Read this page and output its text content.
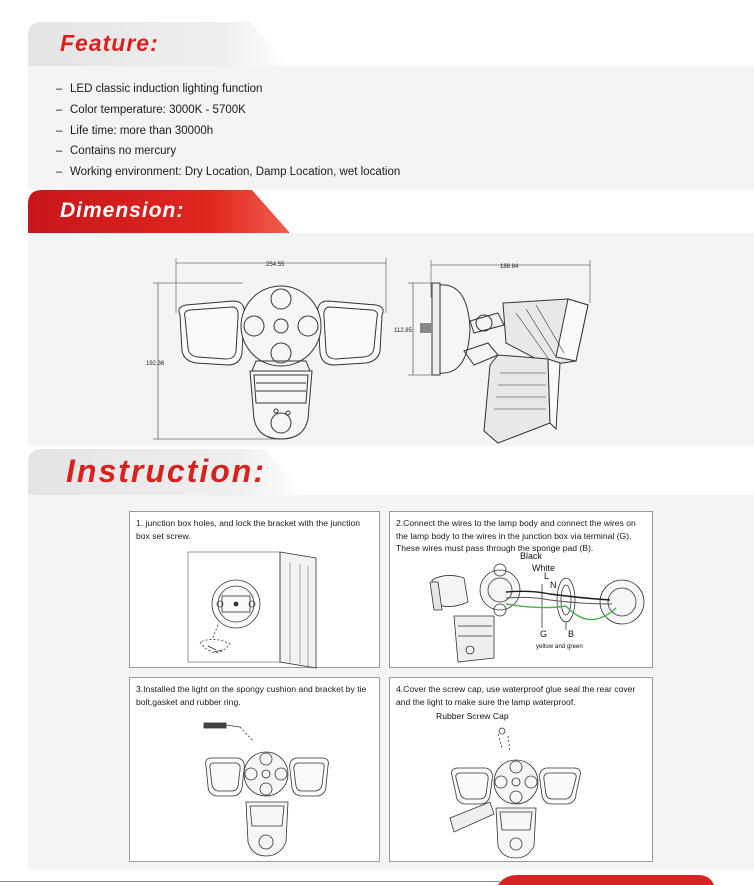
Feature:
– LED classic induction lighting function
– Color temperature: 3000K - 5700K
– Life time: more than 30000h
– Contains no mercury
– Working environment: Dry Location, Damp Location, wet location
Dimension:
254.55
192.36
188.84
112.85
Instruction:
1. junction box holes, and lock the bracket with the junction box set screw.
Black
White
L
N
G B
yellow and green
2.Connect the wires to the lamp body and connect the wires on the lamp body to the wires in the junction box via terminal (G). These wires must pass through the sponge pad (B).
3.Installed the light on the spongy cushion and bracket by tie bolt,gasket and rubber ring.
Rubber Screw Cap
4.Cover the screw cap, use waterproof glue seal the rear cover and the light to make sure the lamp waterproof.
